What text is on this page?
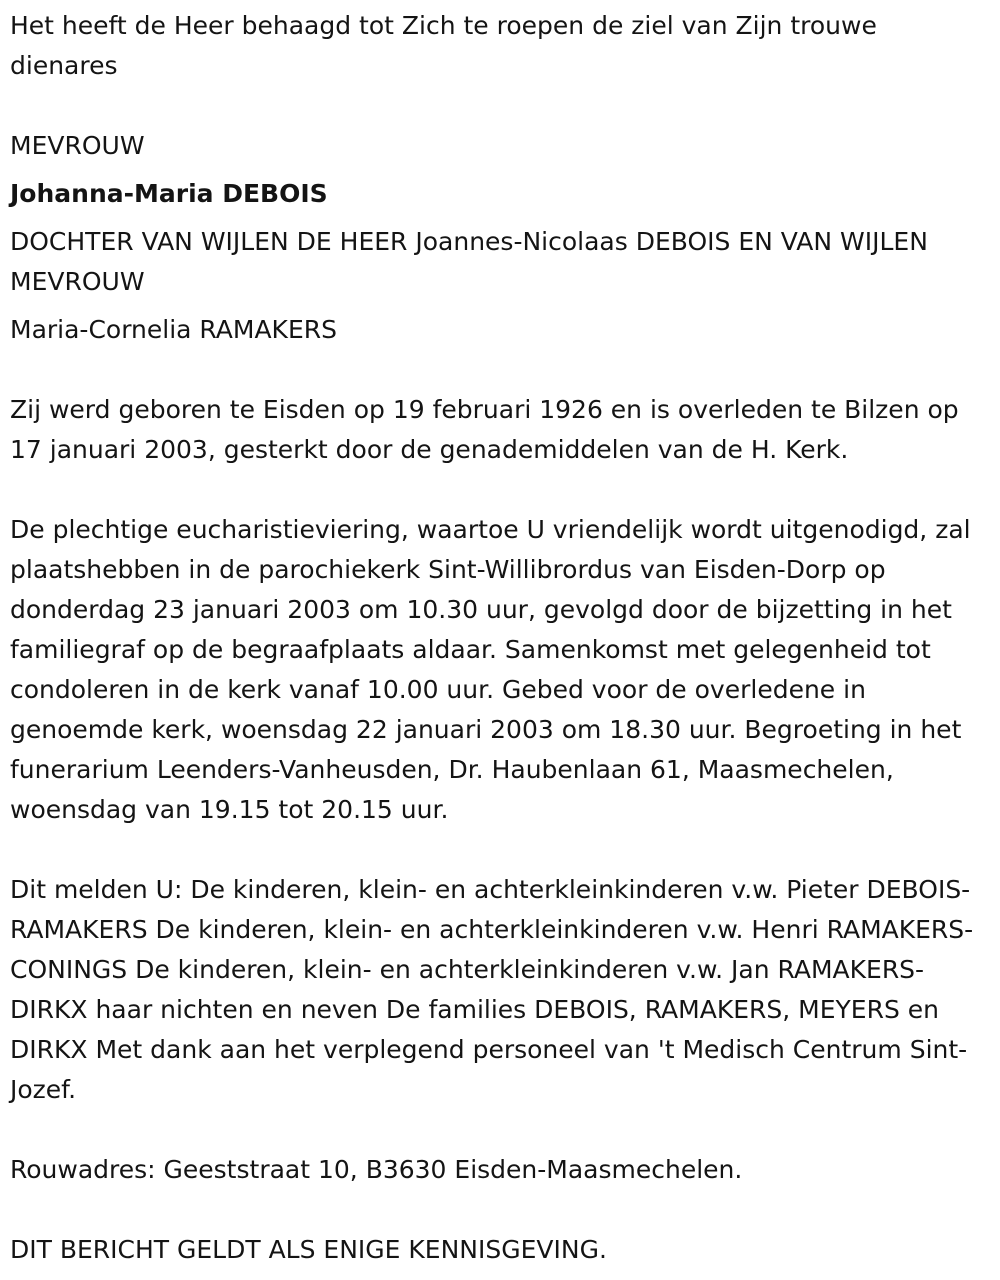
Het heeft de Heer behaagd tot Zich te roepen de ziel van Zijn trouwe dienares

MEVROUW

Johanna-Maria DEBOIS

DOCHTER VAN WIJLEN DE HEER Joannes-Nicolaas DEBOIS EN VAN WIJLEN MEVROUW

Maria-Cornelia RAMAKERS

Zij werd geboren te Eisden op 19 februari 1926 en is overleden te Bilzen op 17 januari 2003, gesterkt door de genademiddelen van de H. Kerk.

De plechtige eucharistieviering, waartoe U vriendelijk wordt uitgenodigd, zal plaatshebben in de parochiekerk Sint-Willibrordus van Eisden-Dorp op donderdag 23 januari 2003 om 10.30 uur, gevolgd door de bijzetting in het familiegraf op de begraafplaats aldaar. Samenkomst met gelegenheid tot condoleren in de kerk vanaf 10.00 uur. Gebed voor de overledene in genoemde kerk, woensdag 22 januari 2003 om 18.30 uur. Begroeting in het funerarium Leenders-Vanheusden, Dr. Haubenlaan 61, Maasmechelen, woensdag van 19.15 tot 20.15 uur.

Dit melden U: De kinderen, klein- en achterkleinkinderen v.w. Pieter DEBOIS-RAMAKERS De kinderen, klein- en achterkleinkinderen v.w. Henri RAMAKERS-CONINGS De kinderen, klein- en achterkleinkinderen v.w. Jan RAMAKERS-DIRKX haar nichten en neven De families DEBOIS, RAMAKERS, MEYERS en DIRKX Met dank aan het verplegend personeel van 't Medisch Centrum Sint-Jozef.

Rouwadres: Geeststraat 10, B3630 Eisden-Maasmechelen.

DIT BERICHT GELDT ALS ENIGE KENNISGEVING.
